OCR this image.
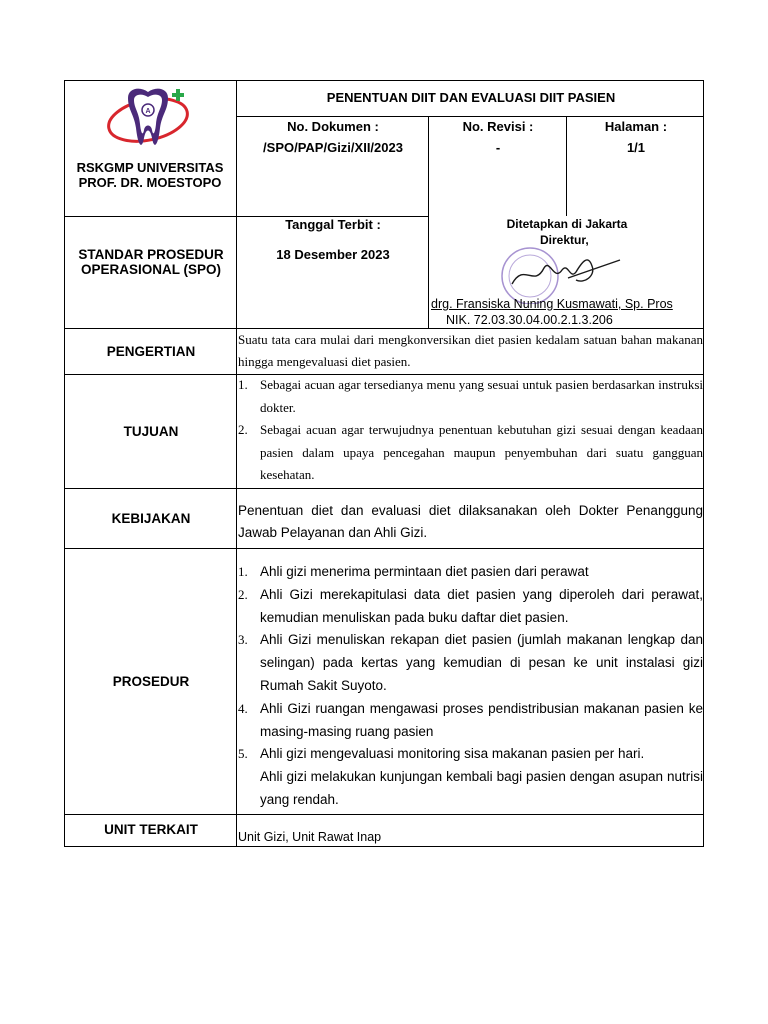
A
RSKGMP UNIVERSITAS PROF. DR. MOESTOPO
PENENTUAN DIIT DAN EVALUASI DIIT PASIEN
No. Dokumen :
/SPO/PAP/Gizi/XII/2023
No. Revisi :
-
Halaman :
1/1
STANDAR PROSEDUR OPERASIONAL (SPO)
Tanggal Terbit :
18 Desember 2023
Ditetapkan di Jakarta
Direktur,
drg. Fransiska Nuning Kusmawati, Sp. Pros
NIK. 72.03.30.04.00.2.1.3.206
PENGERTIAN
Suatu tata cara mulai dari mengkonversikan diet pasien kedalam satuan bahan makanan hingga mengevaluasi diet pasien.
TUJUAN
1. Sebagai acuan agar tersedianya menu yang sesuai untuk pasien berdasarkan instruksi dokter.
2. Sebagai acuan agar terwujudnya penentuan kebutuhan gizi sesuai dengan keadaan pasien dalam upaya pencegahan maupun penyembuhan dari suatu gangguan kesehatan.
KEBIJAKAN
Penentuan diet dan evaluasi diet dilaksanakan oleh Dokter Penanggung Jawab Pelayanan dan Ahli Gizi.
PROSEDUR
1. Ahli gizi menerima permintaan diet pasien dari perawat
2. Ahli Gizi merekapitulasi data diet pasien yang diperoleh dari perawat, kemudian menuliskan pada buku daftar diet pasien.
3. Ahli Gizi menuliskan rekapan diet pasien (jumlah makanan lengkap dan selingan) pada kertas yang kemudian di pesan ke unit instalasi gizi Rumah Sakit Suyoto.
4. Ahli Gizi ruangan mengawasi proses pendistribusian makanan pasien ke masing-masing ruang pasien
5. Ahli gizi mengevaluasi monitoring sisa makanan pasien per hari.
Ahli gizi melakukan kunjungan kembali bagi pasien dengan asupan nutrisi yang rendah.
UNIT TERKAIT	Unit Gizi, Unit Rawat Inap
